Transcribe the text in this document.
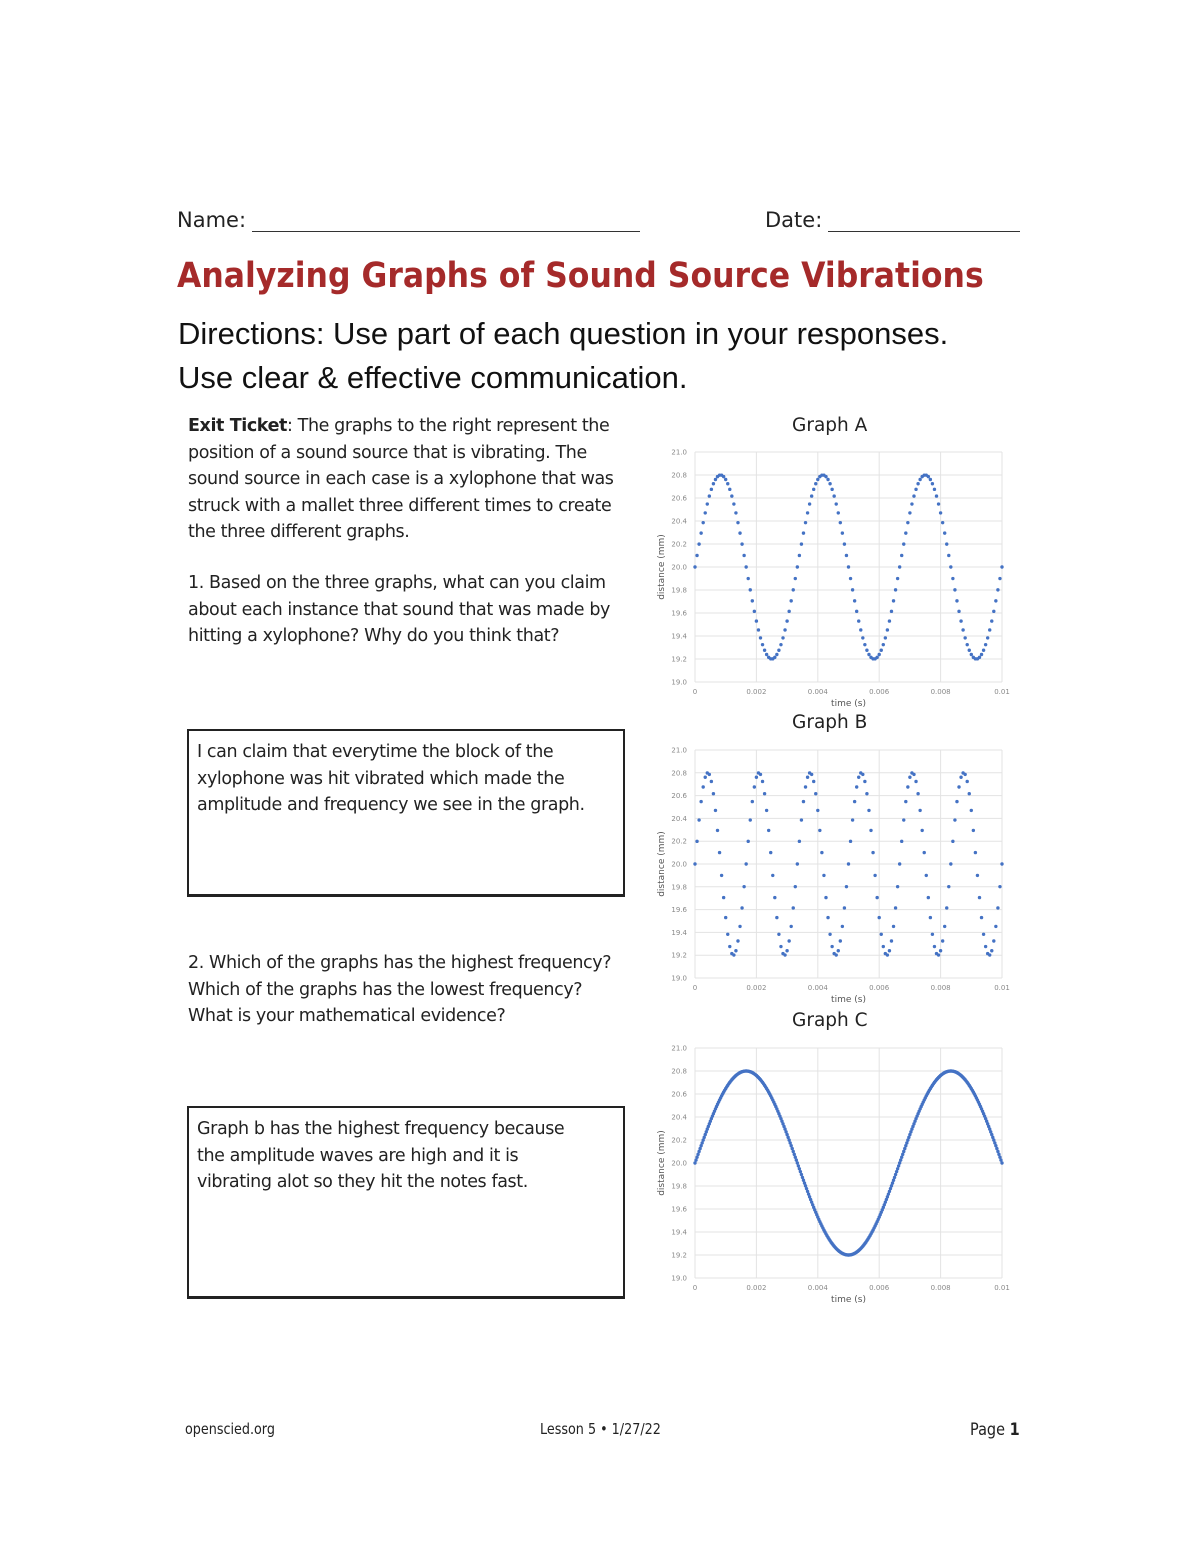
Name:	Date:
Analyzing Graphs of Sound Source Vibrations
Directions: Use part of each question in your responses.
Use clear & effective communication.
Exit Ticket: The graphs to the right represent the position of a sound source that is vibrating. The sound source in each case is a xylophone that was struck with a mallet three different times to create the three different graphs.
1. Based on the three graphs, what can you claim about each instance that sound that was made by hitting a xylophone? Why do you think that?
I can claim that everytime the block of the
xylophone was hit vibrated which made the
amplitude and frequency we see in the graph.
2. Which of the graphs has the highest frequency? Which of the graphs has the lowest frequency? What is your mathematical evidence?
Graph b has the highest frequency because
the amplitude waves are high and it is
vibrating alot so they hit the notes fast.
Graph A
19.0
19.2
19.4
19.6
19.8
20.0
20.2
20.4
20.6
20.8
21.0
0	0.002	0.004	0.006	0.008	0.01
time (s)
distance (mm)
Graph B
19.0
19.2
19.4
19.6
19.8
20.0
20.2
20.4
20.6
20.8
21.0
0	0.002	0.004	0.006	0.008	0.01
time (s)
distance (mm)
Graph C
19.0
19.2
19.4
19.6
19.8
20.0
20.2
20.4
20.6
20.8
21.0
0	0.002	0.004	0.006	0.008	0.01
time (s)
distance (mm)
openscied.org	Lesson 5 • 1/27/22	Page 1
